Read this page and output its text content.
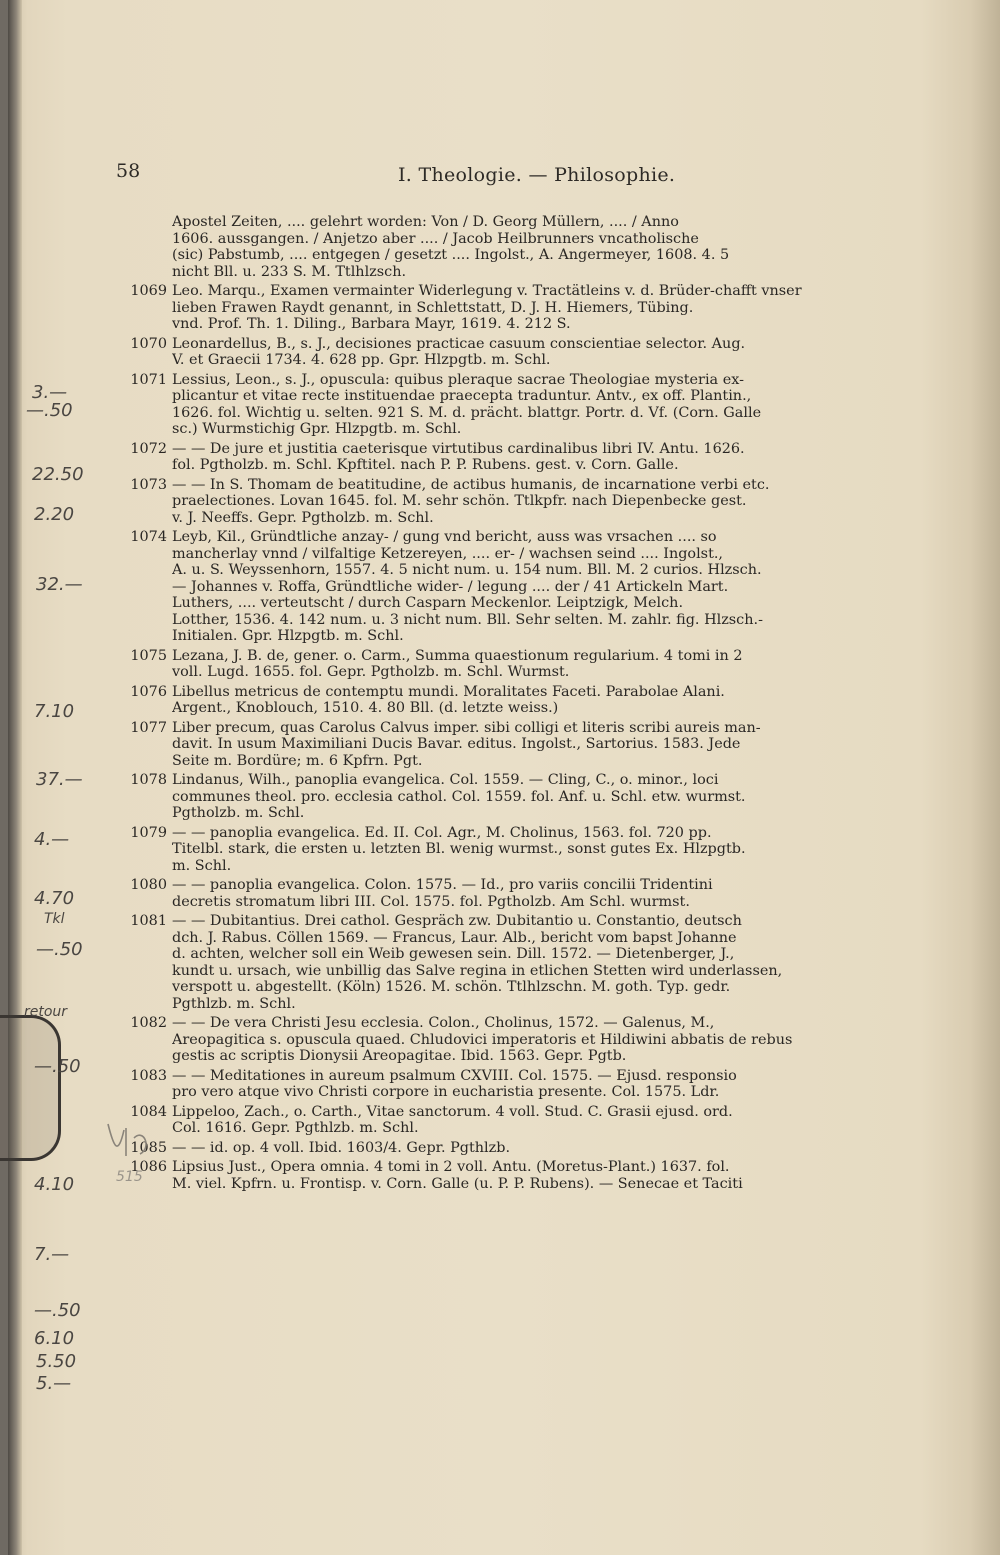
58	I. Theologie. — Philosophie.
Apostel Zeiten, .... gelehrt worden: Von / D. Georg Müllern, .... / Anno
1606. aussgangen. / Anjetzo aber .... / Jacob Heilbrunners vncatholische
(sic) Pabstumb, .... entgegen / gesetzt .... Ingolst., A. Angermeyer, 1608. 4. 5
nicht Bll. u. 233 S. M. Ttlhlzsch.
1069 Leo. Marqu., Examen vermainter Widerlegung v. Tractätleins v. d. Brüder-chafft vnser
lieben Frawen Raydt genannt, in Schlettstatt, D. J. H. Hiemers, Tübing.
vnd. Prof. Th. 1. Diling., Barbara Mayr, 1619. 4. 212 S.
1070 Leonardellus, B., s. J., decisiones practicae casuum conscientiae selector. Aug.
V. et Graecii 1734. 4. 628 pp. Gpr. Hlzpgtb. m. Schl.
1071 Lessius, Leon., s. J., opuscula: quibus pleraque sacrae Theologiae mysteria ex-
plicantur et vitae recte instituendae praecepta traduntur. Antv., ex off. Plantin.,
1626. fol. Wichtig u. selten. 921 S. M. d. prächt. blattgr. Portr. d. Vf. (Corn. Galle
sc.) Wurmstichig Gpr. Hlzpgtb. m. Schl.
1072 — — De jure et justitia caeterisque virtutibus cardinalibus libri IV. Antu. 1626.
fol. Pgtholzb. m. Schl. Kpftitel. nach P. P. Rubens. gest. v. Corn. Galle.
1073 — — In S. Thomam de beatitudine, de actibus humanis, de incarnatione verbi etc.
praelectiones. Lovan 1645. fol. M. sehr schön. Ttlkpfr. nach Diepenbecke gest.
v. J. Neeffs. Gepr. Pgtholzb. m. Schl.
1074 Leyb, Kil., Gründtliche anzay- / gung vnd bericht, auss was vrsachen .... so
mancherlay vnnd / vilfaltige Ketzereyen, .... er- / wachsen seind .... Ingolst.,
A. u. S. Weyssenhorn, 1557. 4. 5 nicht num. u. 154 num. Bll. M. 2 curios. Hlzsch.
— Johannes v. Roffa, Gründtliche wider- / legung .... der / 41 Artickeln Mart.
Luthers, .... verteutscht / durch Casparn Meckenlor. Leiptzigk, Melch.
Lotther, 1536. 4. 142 num. u. 3 nicht num. Bll. Sehr selten. M. zahlr. fig. Hlzsch.-
Initialen. Gpr. Hlzpgtb. m. Schl.
1075 Lezana, J. B. de, gener. o. Carm., Summa quaestionum regularium. 4 tomi in 2
voll. Lugd. 1655. fol. Gepr. Pgtholzb. m. Schl. Wurmst.
1076 Libellus metricus de contemptu mundi. Moralitates Faceti. Parabolae Alani.
Argent., Knoblouch, 1510. 4. 80 Bll. (d. letzte weiss.)
1077 Liber precum, quas Carolus Calvus imper. sibi colligi et literis scribi aureis man-
davit. In usum Maximiliani Ducis Bavar. editus. Ingolst., Sartorius. 1583. Jede
Seite m. Bordüre; m. 6 Kpfrn. Pgt.
1078 Lindanus, Wilh., panoplia evangelica. Col. 1559. — Cling, C., o. minor., loci
communes theol. pro. ecclesia cathol. Col. 1559. fol. Anf. u. Schl. etw. wurmst.
Pgtholzb. m. Schl.
1079 — — panoplia evangelica. Ed. II. Col. Agr., M. Cholinus, 1563. fol. 720 pp.
Titelbl. stark, die ersten u. letzten Bl. wenig wurmst., sonst gutes Ex. Hlzpgtb.
m. Schl.
1080 — — panoplia evangelica. Colon. 1575. — Id., pro variis concilii Tridentini
decretis stromatum libri III. Col. 1575. fol. Pgtholzb. Am Schl. wurmst.
1081 — — Dubitantius. Drei cathol. Gespräch zw. Dubitantio u. Constantio, deutsch
dch. J. Rabus. Cöllen 1569. — Francus, Laur. Alb., bericht vom bapst Johanne
d. achten, welcher soll ein Weib gewesen sein. Dill. 1572. — Dietenberger, J.,
kundt u. ursach, wie unbillig das Salve regina in etlichen Stetten wird underlassen,
verspott u. abgestellt. (Köln) 1526. M. schön. Ttlhlzschn. M. goth. Typ. gedr.
Pgthlzb. m. Schl.
1082 — — De vera Christi Jesu ecclesia. Colon., Cholinus, 1572. — Galenus, M.,
Areopagitica s. opuscula quaed. Chludovici imperatoris et Hildiwini abbatis de rebus
gestis ac scriptis Dionysii Areopagitae. Ibid. 1563. Gepr. Pgtb.
1083 — — Meditationes in aureum psalmum CXVIII. Col. 1575. — Ejusd. responsio
pro vero atque vivo Christi corpore in eucharistia presente. Col. 1575. Ldr.
1084 Lippeloo, Zach., o. Carth., Vitae sanctorum. 4 voll. Stud. C. Grasii ejusd. ord.
Col. 1616. Gepr. Pgthlzb. m. Schl.
1085 — — id. op. 4 voll. Ibid. 1603/4. Gepr. Pgthlzb.
1086 Lipsius Just., Opera omnia. 4 tomi in 2 voll. Antu. (Moretus-Plant.) 1637. fol.
M. viel. Kpfrn. u. Frontisp. v. Corn. Galle (u. P. P. Rubens). — Senecae et Taciti
3.—
—.50
22.50
2.20
32.—
7.10
37.—
4.—
4.70
Tkl
—.50
retour
—.50
4.10	515
7.—
—.50
6.10
5.50
5.—
